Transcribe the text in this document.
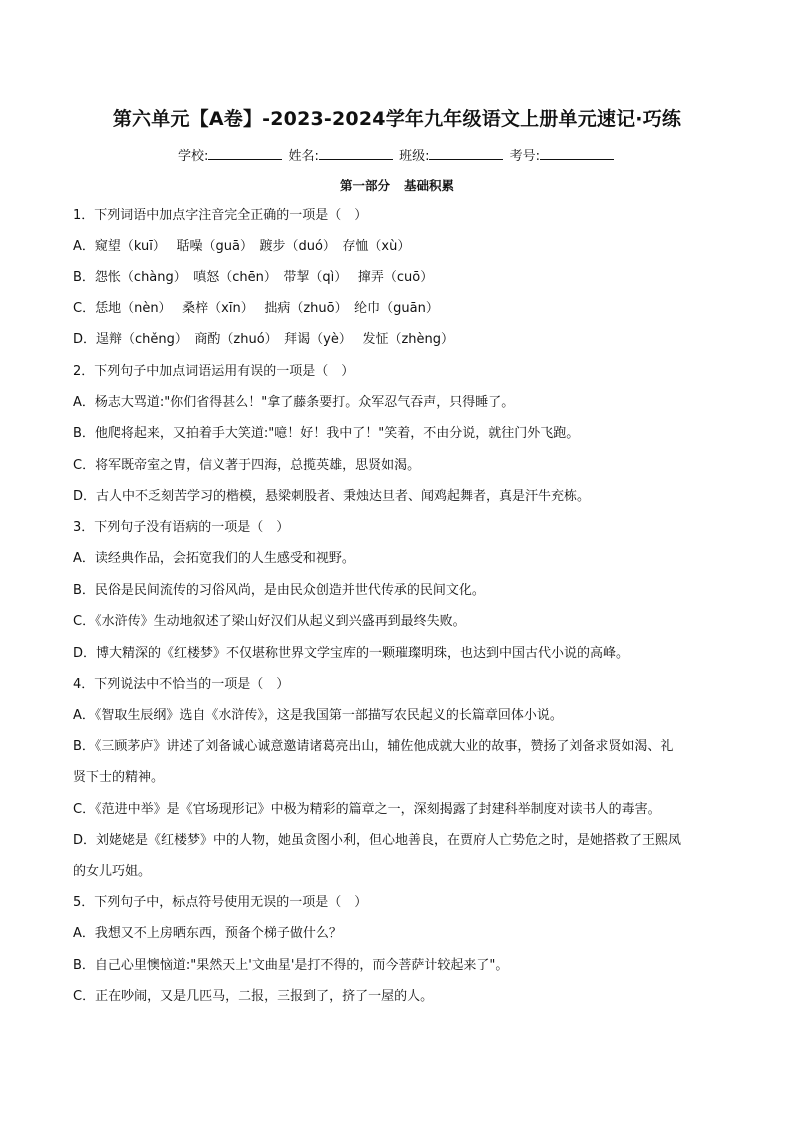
第六单元【A卷】-2023-2024学年九年级语文上册单元速记·巧练
学校:	姓名:	班级:	考号:
第一部分 基础积累
1．下列词语中加点字注音完全正确的一项是（　）
A．窥望（kuī）　 聒噪（guā）　踱步（duó）　存恤（xù）
B．怨怅（chàng）　嗔怒（chēn）　带挈（qì）　 撺弄（cuō）
C．恁地（nèn）　 桑梓（xīn）　 拙病（zhuō）　纶巾（guān）
D．逞辩（chěng）　商酌（zhuó）　拜谒（yè）　 发怔（zhèng）
2．下列句子中加点词语运用有误的一项是（　）
A．杨志大骂道:"你们省得甚么！"拿了藤条要打。众军忍气吞声，只得睡了。
B．他爬将起来，又拍着手大笑道:"噫！好！我中了！"笑着，不由分说，就往门外飞跑。
C．将军既帝室之胄，信义著于四海，总揽英雄，思贤如渴。
D．古人中不乏刻苦学习的楷模，悬梁刺股者、秉烛达旦者、闻鸡起舞者，真是汗牛充栋。
3．下列句子没有语病的一项是（　）
A．读经典作品，会拓宽我们的人生感受和视野。
B．民俗是民间流传的习俗风尚，是由民众创造并世代传承的民间文化。
C．《水浒传》生动地叙述了梁山好汉们从起义到兴盛再到最终失败。
D．博大精深的《红楼梦》不仅堪称世界文学宝库的一颗璀璨明珠，也达到中国古代小说的高峰。
4．下列说法中不恰当的一项是（　）
A．《智取生辰纲》选自《水浒传》，这是我国第一部描写农民起义的长篇章回体小说。
B．《三顾茅庐》讲述了刘备诚心诚意邀请诸葛亮出山，辅佐他成就大业的故事，赞扬了刘备求贤如渴、礼
贤下士的精神。
C．《范进中举》是《官场现形记》中极为精彩的篇章之一，深刻揭露了封建科举制度对读书人的毒害。
D．刘姥姥是《红楼梦》中的人物，她虽贪图小利，但心地善良，在贾府人亡势危之时，是她搭救了王熙凤
的女儿巧姐。
5．下列句子中，标点符号使用无误的一项是（　）
A．我想又不上房晒东西，预备个梯子做什么？
B．自己心里懊恼道:"果然天上'文曲星'是打不得的，而今菩萨计较起来了"。
C．正在吵闹，又是几匹马，二报，三报到了，挤了一屋的人。
